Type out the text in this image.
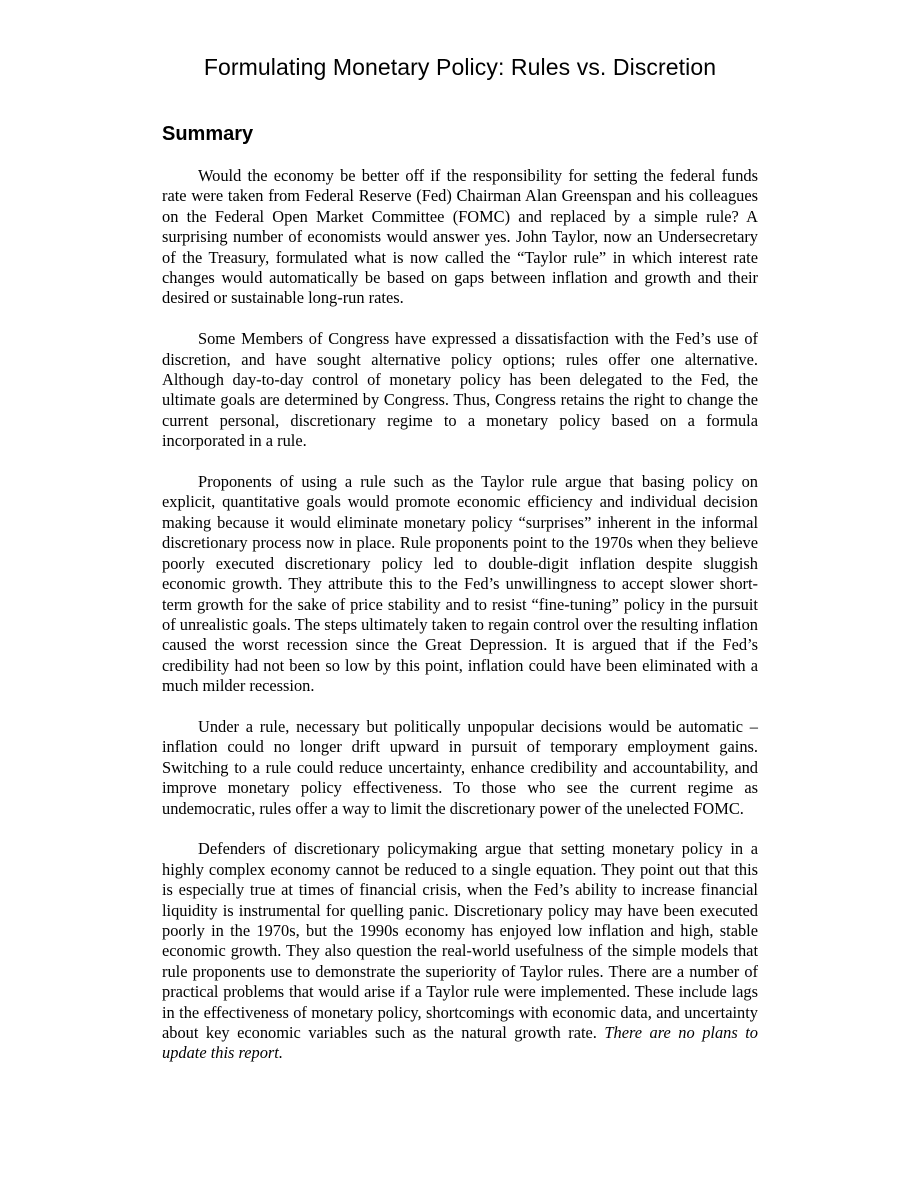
Formulating Monetary Policy: Rules vs. Discretion
Summary

Would the economy be better off if the responsibility for setting the federal funds rate were taken from Federal Reserve (Fed) Chairman Alan Greenspan and his colleagues on the Federal Open Market Committee (FOMC) and replaced by a simple rule? A surprising number of economists would answer yes. John Taylor, now an Undersecretary of the Treasury, formulated what is now called the “Taylor rule” in which interest rate changes would automatically be based on gaps between inflation and growth and their desired or sustainable long-run rates.

Some Members of Congress have expressed a dissatisfaction with the Fed’s use of discretion, and have sought alternative policy options; rules offer one alternative. Although day-to-day control of monetary policy has been delegated to the Fed, the ultimate goals are determined by Congress. Thus, Congress retains the right to change the current personal, discretionary regime to a monetary policy based on a formula incorporated in a rule.

Proponents of using a rule such as the Taylor rule argue that basing policy on explicit, quantitative goals would promote economic efficiency and individual decision making because it would eliminate monetary policy “surprises” inherent in the informal discretionary process now in place. Rule proponents point to the 1970s when they believe poorly executed discretionary policy led to double-digit inflation despite sluggish economic growth. They attribute this to the Fed’s unwillingness to accept slower short-term growth for the sake of price stability and to resist “fine-tuning” policy in the pursuit of unrealistic goals. The steps ultimately taken to regain control over the resulting inflation caused the worst recession since the Great Depression. It is argued that if the Fed’s credibility had not been so low by this point, inflation could have been eliminated with a much milder recession.

Under a rule, necessary but politically unpopular decisions would be automatic – inflation could no longer drift upward in pursuit of temporary employment gains. Switching to a rule could reduce uncertainty, enhance credibility and accountability, and improve monetary policy effectiveness. To those who see the current regime as undemocratic, rules offer a way to limit the discretionary power of the unelected FOMC.

Defenders of discretionary policymaking argue that setting monetary policy in a highly complex economy cannot be reduced to a single equation. They point out that this is especially true at times of financial crisis, when the Fed’s ability to increase financial liquidity is instrumental for quelling panic. Discretionary policy may have been executed poorly in the 1970s, but the 1990s economy has enjoyed low inflation and high, stable economic growth. They also question the real-world usefulness of the simple models that rule proponents use to demonstrate the superiority of Taylor rules. There are a number of practical problems that would arise if a Taylor rule were implemented. These include lags in the effectiveness of monetary policy, shortcomings with economic data, and uncertainty about key economic variables such as the natural growth rate. There are no plans to update this report.
